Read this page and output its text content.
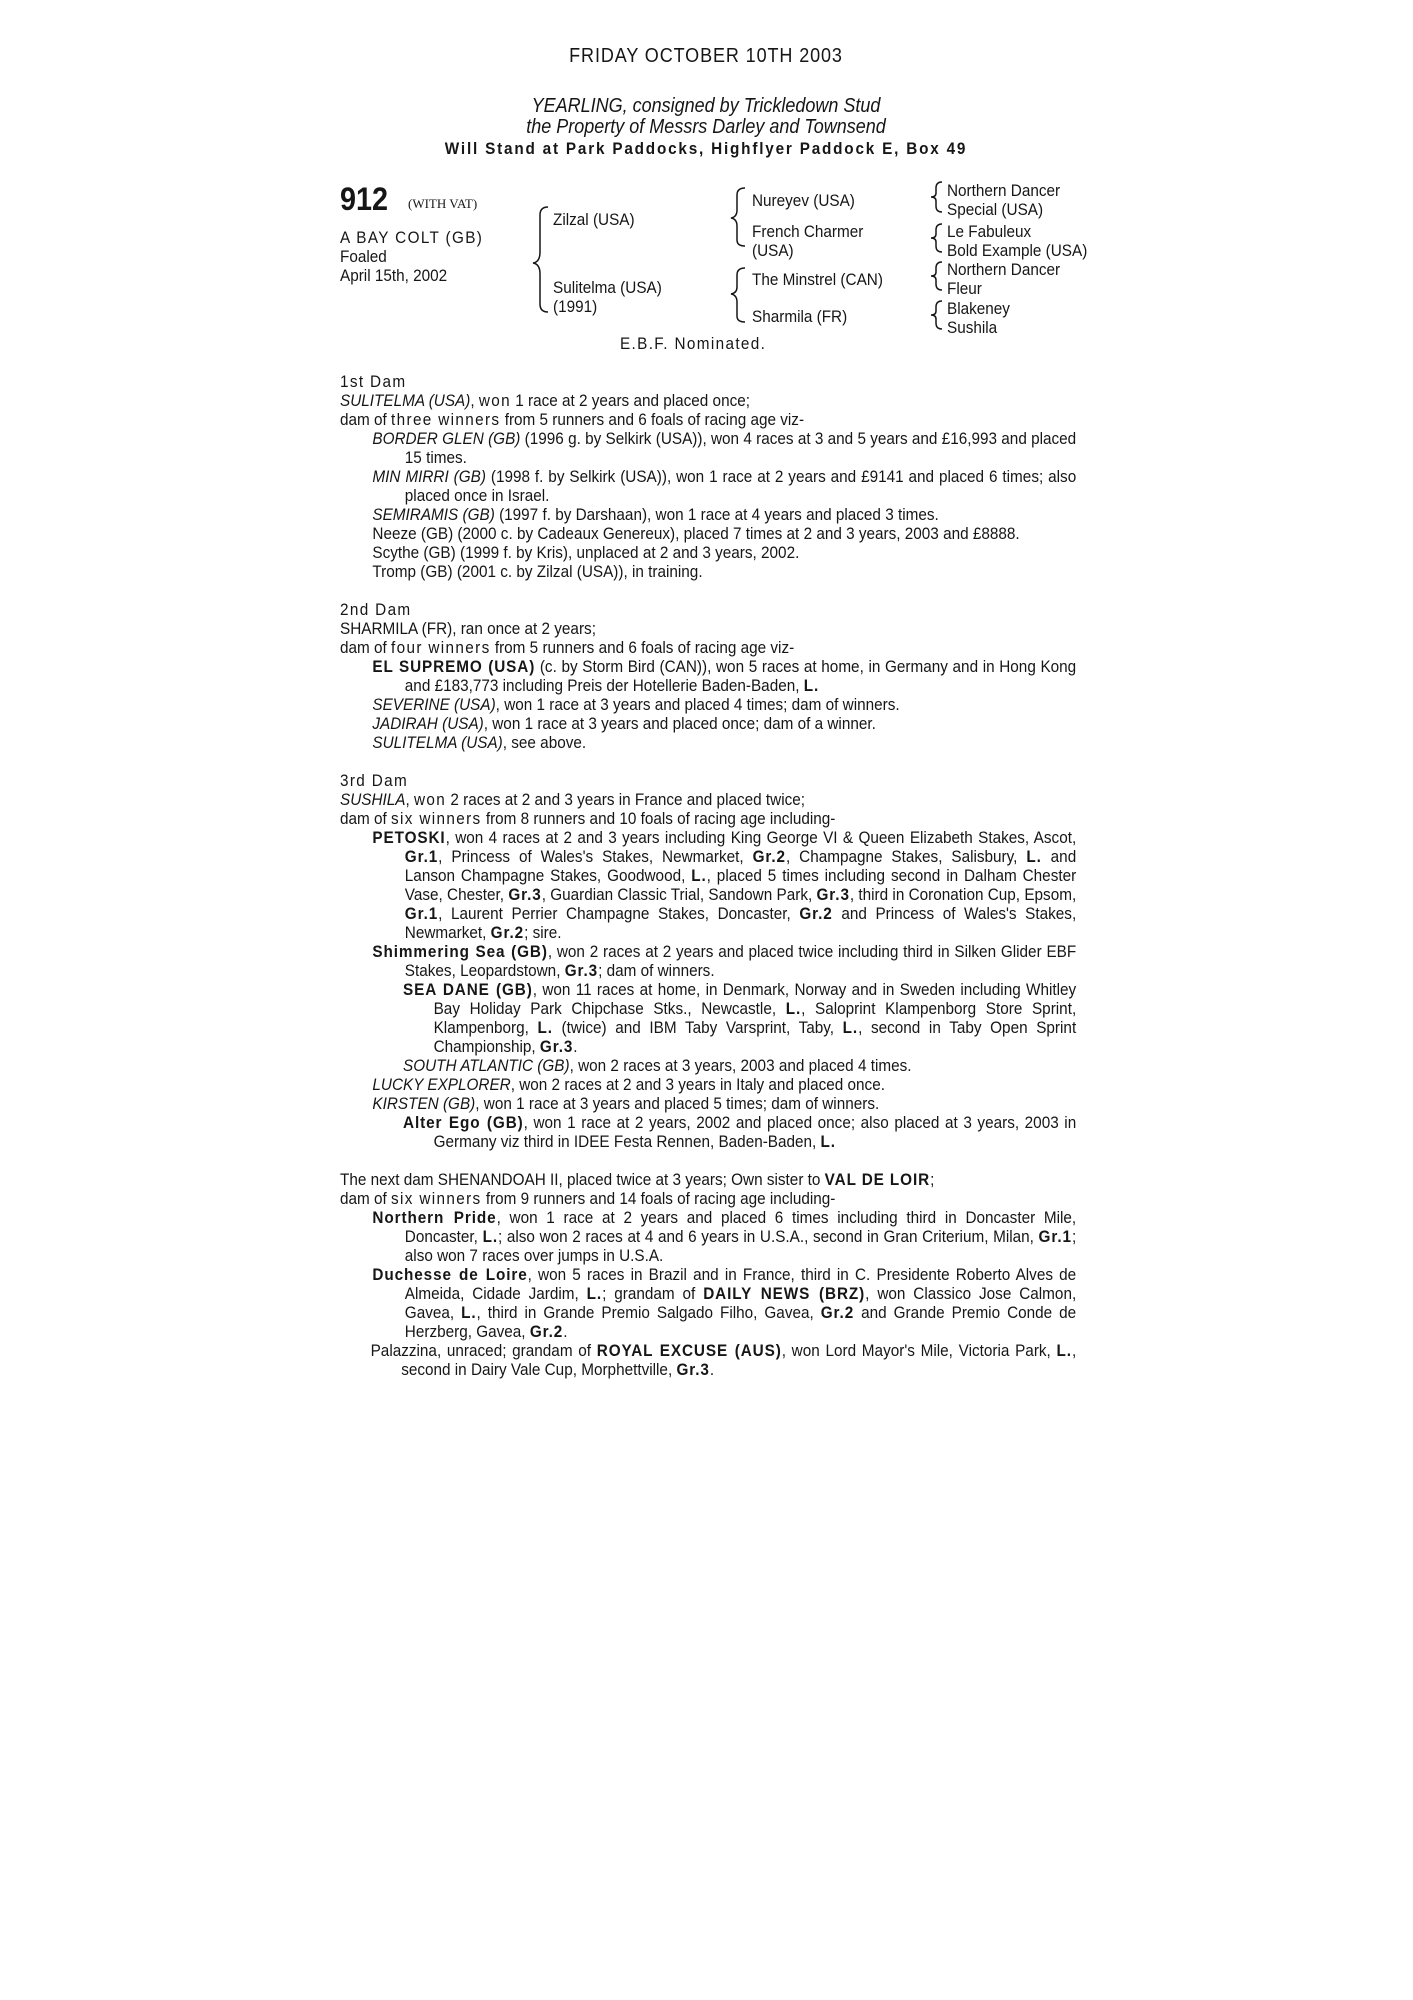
FRIDAY OCTOBER 10TH 2003
YEARLING, consigned by Trickledown Stud
the Property of Messrs Darley and Townsend
Will Stand at Park Paddocks, Highflyer Paddock E, Box 49
912 (WITH VAT)
A BAY COLT (GB)
Foaled
April 15th, 2002
Zilzal (USA)
Sulitelma (USA)
(1991)
Nureyev (USA)
French Charmer
(USA)
The Minstrel (CAN)
Sharmila (FR)
Northern Dancer
Special (USA)
Le Fabuleux
Bold Example (USA)
Northern Dancer
Fleur
Blakeney
Sushila
E.B.F. Nominated.

1st Dam

SULITELMA (USA), won 1 race at 2 years and placed once;

dam of three winners from 5 runners and 6 foals of racing age viz-

BORDER GLEN (GB) (1996 g. by Selkirk (USA)), won 4 races at 3 and 5 years and £16,993 and placed 15 times.

MIN MIRRI (GB) (1998 f. by Selkirk (USA)), won 1 race at 2 years and £9141 and placed 6 times; also placed once in Israel.

SEMIRAMIS (GB) (1997 f. by Darshaan), won 1 race at 4 years and placed 3 times.

Neeze (GB) (2000 c. by Cadeaux Genereux), placed 7 times at 2 and 3 years, 2003 and £8888.

Scythe (GB) (1999 f. by Kris), unplaced at 2 and 3 years, 2002.

Tromp (GB) (2001 c. by Zilzal (USA)), in training.

2nd Dam

SHARMILA (FR), ran once at 2 years;

dam of four winners from 5 runners and 6 foals of racing age viz-

EL SUPREMO (USA) (c. by Storm Bird (CAN)), won 5 races at home, in Germany and in Hong Kong and £183,773 including Preis der Hotellerie Baden-Baden, L.

SEVERINE (USA), won 1 race at 3 years and placed 4 times; dam of winners.

JADIRAH (USA), won 1 race at 3 years and placed once; dam of a winner.

SULITELMA (USA), see above.

3rd Dam

SUSHILA, won 2 races at 2 and 3 years in France and placed twice;

dam of six winners from 8 runners and 10 foals of racing age including-

PETOSKI, won 4 races at 2 and 3 years including King George VI & Queen Elizabeth Stakes, Ascot, Gr.1, Princess of Wales's Stakes, Newmarket, Gr.2, Champagne Stakes, Salisbury, L. and Lanson Champagne Stakes, Goodwood, L., placed 5 times including second in Dalham Chester Vase, Chester, Gr.3, Guardian Classic Trial, Sandown Park, Gr.3, third in Coronation Cup, Epsom, Gr.1, Laurent Perrier Champagne Stakes, Doncaster, Gr.2 and Princess of Wales's Stakes, Newmarket, Gr.2; sire.

Shimmering Sea (GB), won 2 races at 2 years and placed twice including third in Silken Glider EBF Stakes, Leopardstown, Gr.3; dam of winners.

SEA DANE (GB), won 11 races at home, in Denmark, Norway and in Sweden including Whitley Bay Holiday Park Chipchase Stks., Newcastle, L., Saloprint Klampenborg Store Sprint, Klampenborg, L. (twice) and IBM Taby Varsprint, Taby, L., second in Taby Open Sprint Championship, Gr.3.

SOUTH ATLANTIC (GB), won 2 races at 3 years, 2003 and placed 4 times.

LUCKY EXPLORER, won 2 races at 2 and 3 years in Italy and placed once.

KIRSTEN (GB), won 1 race at 3 years and placed 5 times; dam of winners.

Alter Ego (GB), won 1 race at 2 years, 2002 and placed once; also placed at 3 years, 2003 in Germany viz third in IDEE Festa Rennen, Baden-Baden, L.

The next dam SHENANDOAH II, placed twice at 3 years; Own sister to VAL DE LOIR;

dam of six winners from 9 runners and 14 foals of racing age including-

Northern Pride, won 1 race at 2 years and placed 6 times including third in Doncaster Mile, Doncaster, L.; also won 2 races at 4 and 6 years in U.S.A., second in Gran Criterium, Milan, Gr.1; also won 7 races over jumps in U.S.A.

Duchesse de Loire, won 5 races in Brazil and in France, third in C. Presidente Roberto Alves de Almeida, Cidade Jardim, L.; grandam of DAILY NEWS (BRZ), won Classico Jose Calmon, Gavea, L., third in Grande Premio Salgado Filho, Gavea, Gr.2 and Grande Premio Conde de Herzberg, Gavea, Gr.2.

Palazzina, unraced; grandam of ROYAL EXCUSE (AUS), won Lord Mayor's Mile, Victoria Park, L., second in Dairy Vale Cup, Morphettville, Gr.3.
